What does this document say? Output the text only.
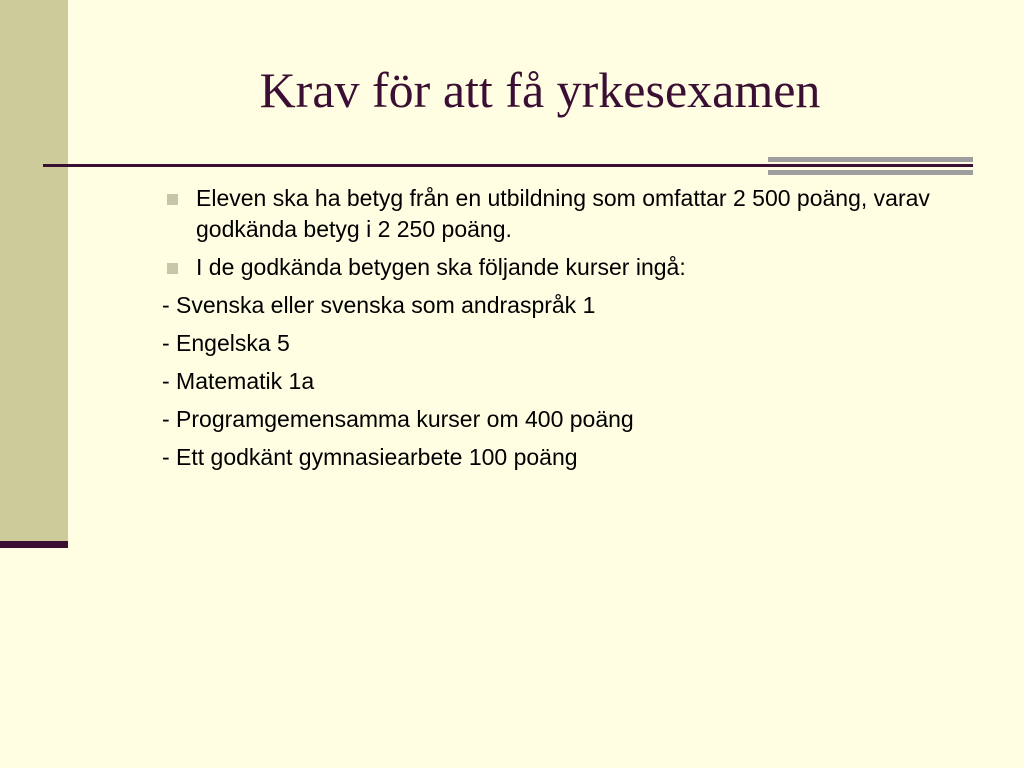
Krav för att få yrkesexamen
Eleven ska ha betyg från en utbildning som omfattar 2 500 poäng, varav godkända betyg i 2 250 poäng.
I de godkända betygen ska följande kurser ingå:
- Svenska eller svenska som andraspråk 1
- Engelska 5
- Matematik 1a
- Programgemensamma kurser om 400 poäng
- Ett godkänt gymnasiearbete 100 poäng
